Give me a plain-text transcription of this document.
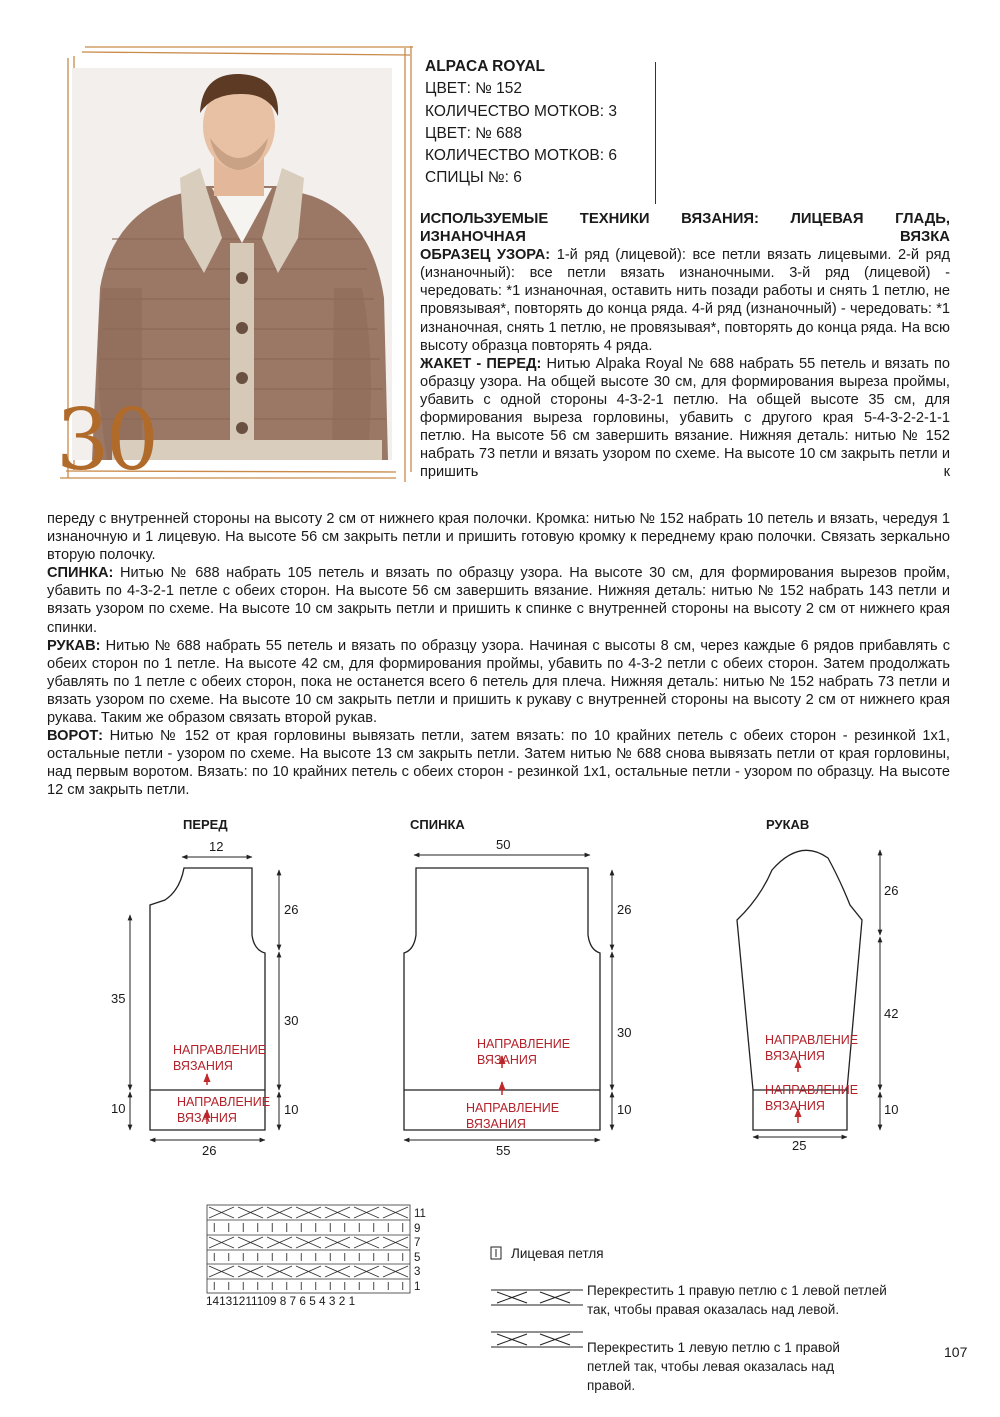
30
ALPACA ROYAL
ЦВЕТ: № 152
КОЛИЧЕСТВО МОТКОВ: 3
ЦВЕТ: № 688
КОЛИЧЕСТВО МОТКОВ: 6
СПИЦЫ №: 6

ИСПОЛЬЗУЕМЫЕ ТЕХНИКИ ВЯЗАНИЯ: ЛИЦЕВАЯ ГЛАДЬ, ИЗНАНОЧНАЯ ВЯЗКА

ОБРАЗЕЦ УЗОРА: 1-й ряд (лицевой): все петли вязать лицевыми. 2-й ряд (изнаночный): все петли вязать изнаночными. 3-й ряд (лицевой) - чередовать: *1 изнаночная, оставить нить позади работы и снять 1 петлю, не провязывая*, повторять до конца ряда. 4-й ряд (изнаночный) - чередовать: *1 изнаночная, снять 1 петлю, не провязывая*, повторять до конца ряда. На всю высоту образца повторять 4 ряда.

ЖАКЕТ - ПЕРЕД: Нитью Alpaka Royal № 688 набрать 55 петель и вязать по образцу узора. На общей высоте 30 см, для формирования выреза проймы, убавить с одной стороны 4-3-2-1 петлю. На общей высоте 35 см, для формирования выреза горловины, убавить с другого края 5-4-3-2-2-1-1 петлю. На высоте 56 см завершить вязание. Нижняя деталь: нитью № 152 набрать 73 петли и вязать узором по схеме. На высоте 10 см закрыть петли и пришить к

переду с внутренней стороны на высоту 2 см от нижнего края полочки. Кромка: нитью № 152 набрать 10 петель и вязать, чередуя 1 изнаночную и 1 лицевую. На высоте 56 см закрыть петли и пришить готовую кромку к переднему краю полочки. Связать зеркально вторую полочку.

СПИНКА: Нитью № 688 набрать 105 петель и вязать по образцу узора. На высоте 30 см, для формирования вырезов пройм, убавить по 4-3-2-1 петле с обеих сторон. На высоте 56 см завершить вязание. Нижняя деталь: нитью № 152 набрать 143 петли и вязать узором по схеме. На высоте 10 см закрыть петли и пришить к спинке с внутренней стороны на высоту 2 см от нижнего края спинки.

РУКАВ: Нитью № 688 набрать 55 петель и вязать по образцу узора. Начиная с высоты 8 см, через каждые 6 рядов прибавлять с обеих сторон по 1 петле. На высоте 42 см, для формирования проймы, убавить по 4-3-2 петли с обеих сторон. Затем продолжать убавлять по 1 петле с обеих сторон, пока не останется всего 6 петель для плеча. Нижняя деталь: нитью № 152 набрать 73 петли и вязать узором по схеме. На высоте 10 см закрыть петли и пришить к рукаву с внутренней стороны на высоту 2 см от нижнего края рукава. Таким же образом связать второй рукав.

ВОРОТ: Нитью № 152 от края горловины вывязать петли, затем вязать: по 10 крайних петель с обеих сторон - резинкой 1x1, остальные петли - узором по схеме. На высоте 13 см закрыть петли. Затем нитью № 688 снова вывязать петли от края горловины, над первым воротом. Вязать: по 10 крайних петель с обеих сторон - резинкой 1x1, остальные петли - узором по образцу. На высоте 12 см закрыть петли.

ПЕРЕД	СПИНКА	РУКАВ
12
26
30
10
35
10
26
НАПРАВЛЕНИЕ
ВЯЗАНИЯ
НАПРАВЛЕНИЕ
ВЯЗАНИЯ
50
26
30
10
55
НАПРАВЛЕНИЕ
ВЯЗАНИЯ
НАПРАВЛЕНИЕ
ВЯЗАНИЯ
26
42
10
25
НАПРАВЛЕНИЕ
ВЯЗАНИЯ
НАПРАВЛЕНИЕ
ВЯЗАНИЯ
11
9
7
5
3
1
14131211109 8 7 6 5 4 3 2 1
Лицевая петля
Перекрестить 1 правую петлю с 1 левой петлей так, чтобы правая оказалась над левой.
Перекрестить 1 левую петлю с 1 правой петлей так, чтобы левая оказалась над правой.
107
